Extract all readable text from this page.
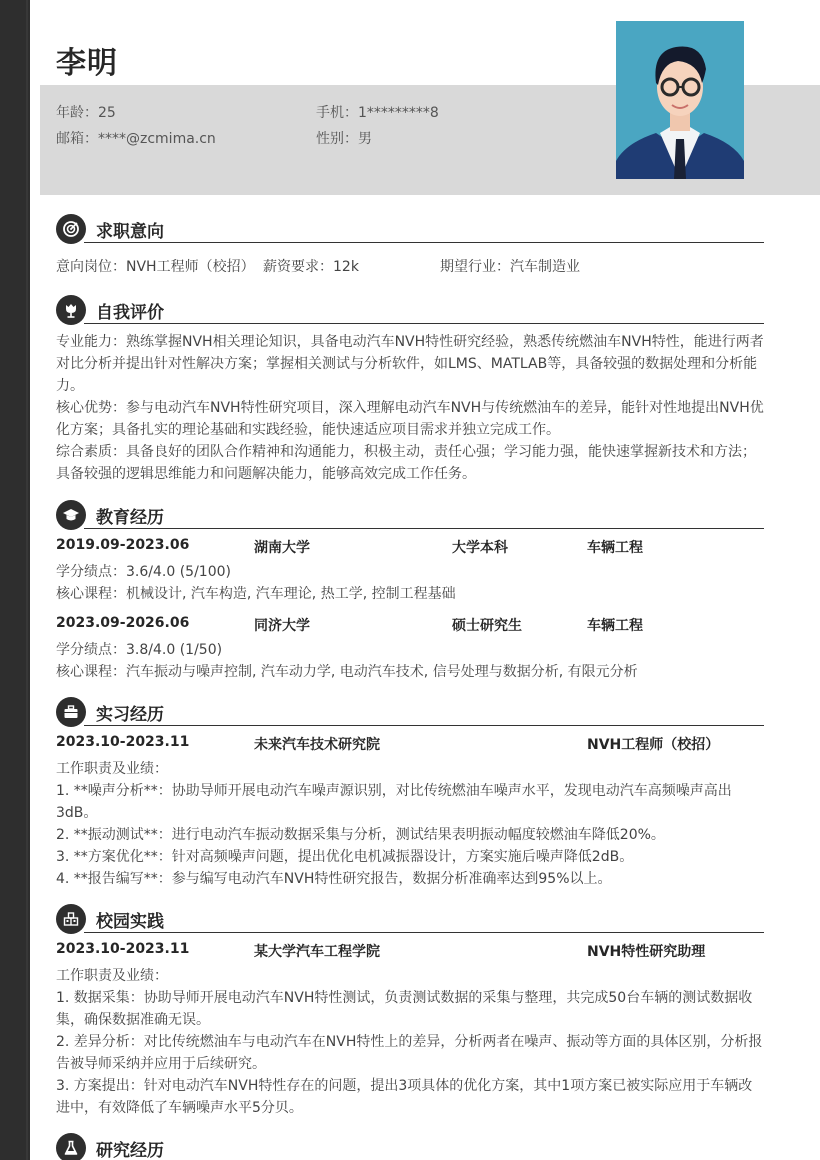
李明
年龄：25	手机：1*********8
邮箱：****@zcmima.cn	性别：男
求职意向
意向岗位：NVH工程师（校招） 薪资要求：12k	期望行业：汽车制造业
自我评价
专业能力：熟练掌握NVH相关理论知识，具备电动汽车NVH特性研究经验，熟悉传统燃油车NVH特性，能进行两者对比分析并提出针对性解决方案；掌握相关测试与分析软件，如LMS、MATLAB等，具备较强的数据处理和分析能力。
核心优势：参与电动汽车NVH特性研究项目，深入理解电动汽车NVH与传统燃油车的差异，能针对性地提出NVH优化方案；具备扎实的理论基础和实践经验，能快速适应项目需求并独立完成工作。
综合素质：具备良好的团队合作精神和沟通能力，积极主动，责任心强；学习能力强，能快速掌握新技术和方法；具备较强的逻辑思维能力和问题解决能力，能够高效完成工作任务。
教育经历
2019.09-2023.06	湖南大学	大学本科	车辆工程
学分绩点：3.6/4.0 (5/100)
核心课程：机械设计, 汽车构造, 汽车理论, 热工学, 控制工程基础
2023.09-2026.06	同济大学	硕士研究生	车辆工程
学分绩点：3.8/4.0 (1/50)
核心课程：汽车振动与噪声控制, 汽车动力学, 电动汽车技术, 信号处理与数据分析, 有限元分析
实习经历
2023.10-2023.11	未来汽车技术研究院	NVH工程师（校招）
工作职责及业绩：
1. **噪声分析**：协助导师开展电动汽车噪声源识别，对比传统燃油车噪声水平，发现电动汽车高频噪声高出3dB。
2. **振动测试**：进行电动汽车振动数据采集与分析，测试结果表明振动幅度较燃油车降低20%。
3. **方案优化**：针对高频噪声问题，提出优化电机减振器设计，方案实施后噪声降低2dB。
4. **报告编写**：参与编写电动汽车NVH特性研究报告，数据分析准确率达到95%以上。
校园实践
2023.10-2023.11	某大学汽车工程学院	NVH特性研究助理
工作职责及业绩：
1. 数据采集：协助导师开展电动汽车NVH特性测试，负责测试数据的采集与整理，共完成50台车辆的测试数据收集，确保数据准确无误。
2. 差异分析：对比传统燃油车与电动汽车在NVH特性上的差异，分析两者在噪声、振动等方面的具体区别，分析报告被导师采纳并应用于后续研究。
3. 方案提出：针对电动汽车NVH特性存在的问题，提出3项具体的优化方案，其中1项方案已被实际应用于车辆改进中，有效降低了车辆噪声水平5分贝。
研究经历
